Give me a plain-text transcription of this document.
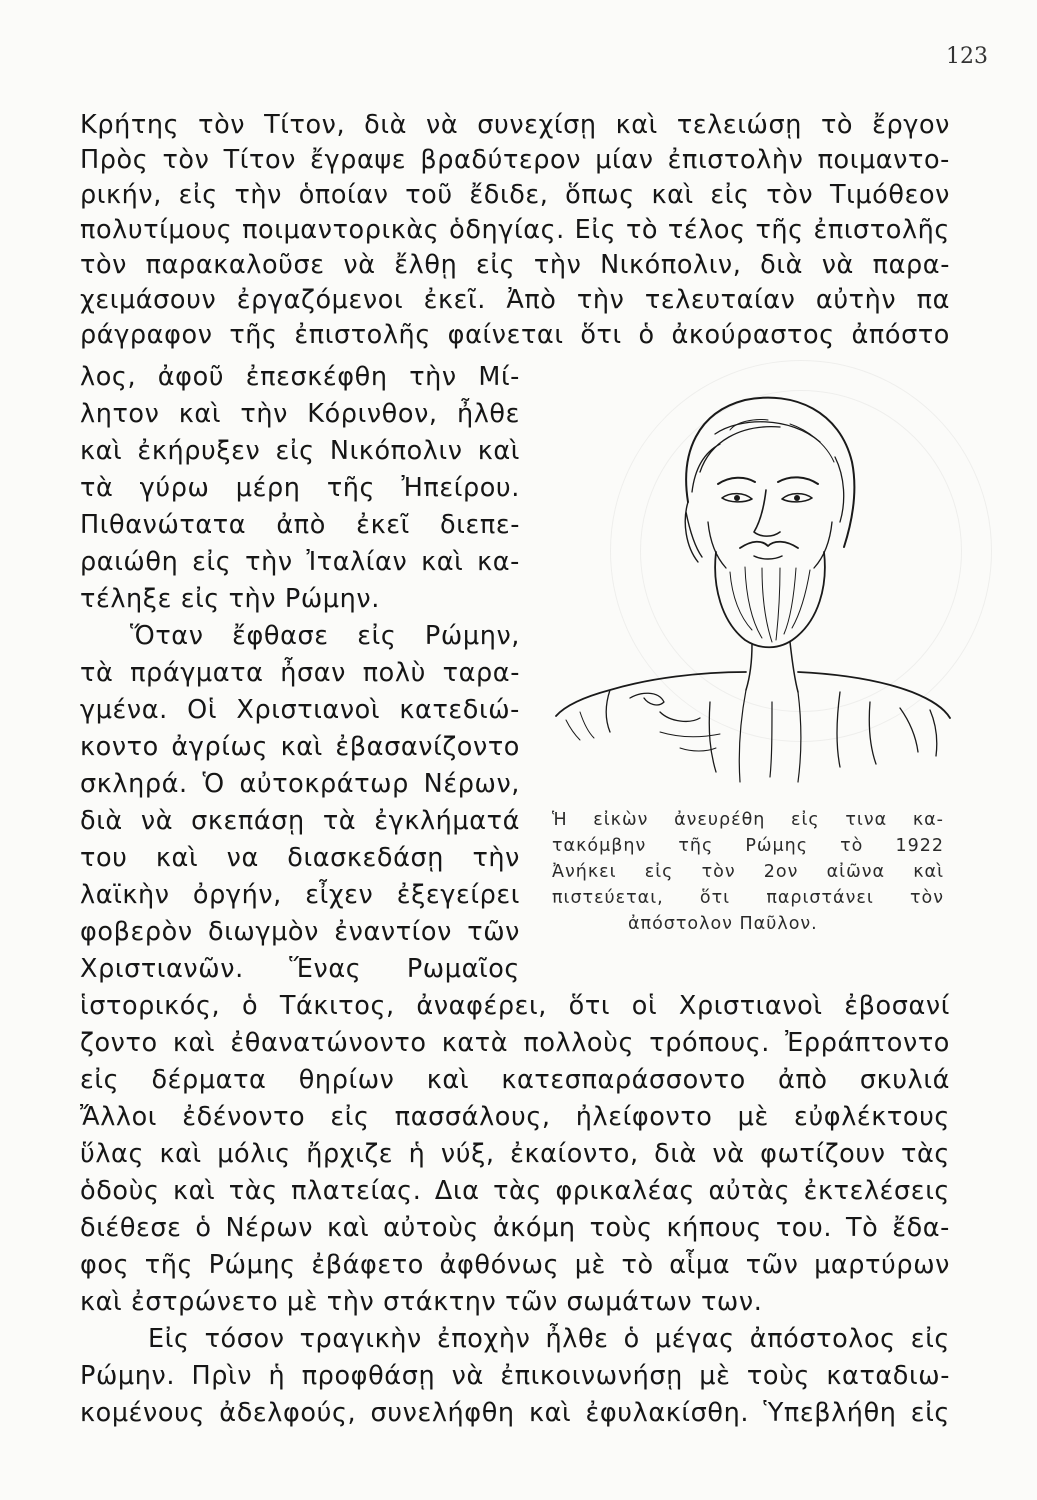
123
Κρήτης τὸν Τίτον, διὰ νὰ συνεχίσῃ καὶ τελειώσῃ τὸ ἔργον
Πρὸς τὸν Τίτον ἔγραψε βραδύτερον μίαν ἐπιστολὴν ποιμαντο-
ρικήν, εἰς τὴν ὁποίαν τοῦ ἔδιδε, ὅπως καὶ εἰς τὸν Τιμόθεον
πολυτίμους ποιμαντορικὰς ὁδηγίας. Εἰς τὸ τέλος τῆς ἐπιστολῆς
τὸν παρακαλοῦσε νὰ ἔλθῃ εἰς τὴν Νικόπολιν, διὰ νὰ παρα-
χειμάσουν ἐργαζόμενοι ἐκεῖ. Ἀπὸ τὴν τελευταίαν αὐτὴν πα
ράγραφον τῆς ἐπιστολῆς φαίνεται ὅτι ὁ ἀκούραστος ἀπόστο
λος, ἀφοῦ ἐπεσκέφθη τὴν Μί-
λητον καὶ τὴν Κόρινθον, ἦλθε
καὶ ἐκήρυξεν εἰς Νικόπολιν καὶ
τὰ γύρω μέρη τῆς Ἠπείρου.
Πιθανώτατα ἀπὸ ἐκεῖ διεπε-
ραιώθη εἰς τὴν Ἰταλίαν καὶ κα-
τέληξε εἰς τὴν Ρώμην.
Ὅταν ἔφθασε εἰς Ρώμην,
τὰ πράγματα ἦσαν πολὺ ταρα-
γμένα. Οἱ Χριστιανοὶ κατεδιώ-
κοντο ἀγρίως καὶ ἐβασανίζοντο
σκληρά. Ὁ αὐτοκράτωρ Νέρων,
διὰ νὰ σκεπάσῃ τὰ ἐγκλήματά
του καὶ να διασκεδάσῃ τὴν
λαϊκὴν ὀργήν, εἶχεν ἐξεγείρει
φοβερὸν διωγμὸν ἐναντίον τῶν
Χριστιανῶν. Ἕνας Ρωμαῖος
ἱστορικός, ὁ Τάκιτος, ἀναφέρει, ὅτι οἱ Χριστιανοὶ ἐβοσανί
ζοντο καὶ ἐθανατώνοντο κατὰ πολλοὺς τρόπους. Ἐρράπτοντο
εἰς δέρματα θηρίων καὶ κατεσπαράσσοντο ἀπὸ σκυλιά
Ἄλλοι ἐδένοντο εἰς πασσάλους, ἠλείφοντο μὲ εὐφλέκτους
ὕλας καὶ μόλις ἤρχιζε ἡ νύξ, ἐκαίοντο, διὰ νὰ φωτίζουν τὰς
ὁδοὺς καὶ τὰς πλατείας. Δια τὰς φρικαλέας αὐτὰς ἐκτελέσεις
διέθεσε ὁ Νέρων καὶ αὐτοὺς ἀκόμη τοὺς κήπους του. Τὸ ἔδα-
φος τῆς Ρώμης ἐβάφετο ἀφθόνως μὲ τὸ αἷμα τῶν μαρτύρων
καὶ ἐστρώνετο μὲ τὴν στάκτην τῶν σωμάτων των.
Εἰς τόσον τραγικὴν ἐποχὴν ἦλθε ὁ μέγας ἀπόστολος εἰς
Ρώμην. Πρὶν ἡ προφθάσῃ νὰ ἐπικοινωνήσῃ μὲ τοὺς καταδιω-
κομένους ἀδελφούς, συνελήφθη καὶ ἐφυλακίσθη. Ὑπεβλήθη εἰς
Ἡ εἰκὼν ἀνευρέθη εἰς τινα κα-
τακόμβην τῆς Ρώμης τὸ 1922
Ἀνήκει εἰς τὸν 2ον αἰῶνα καὶ
πιστεύεται, ὅτι παριστάνει τὸν
ἀπόστολον Παῦλον.
